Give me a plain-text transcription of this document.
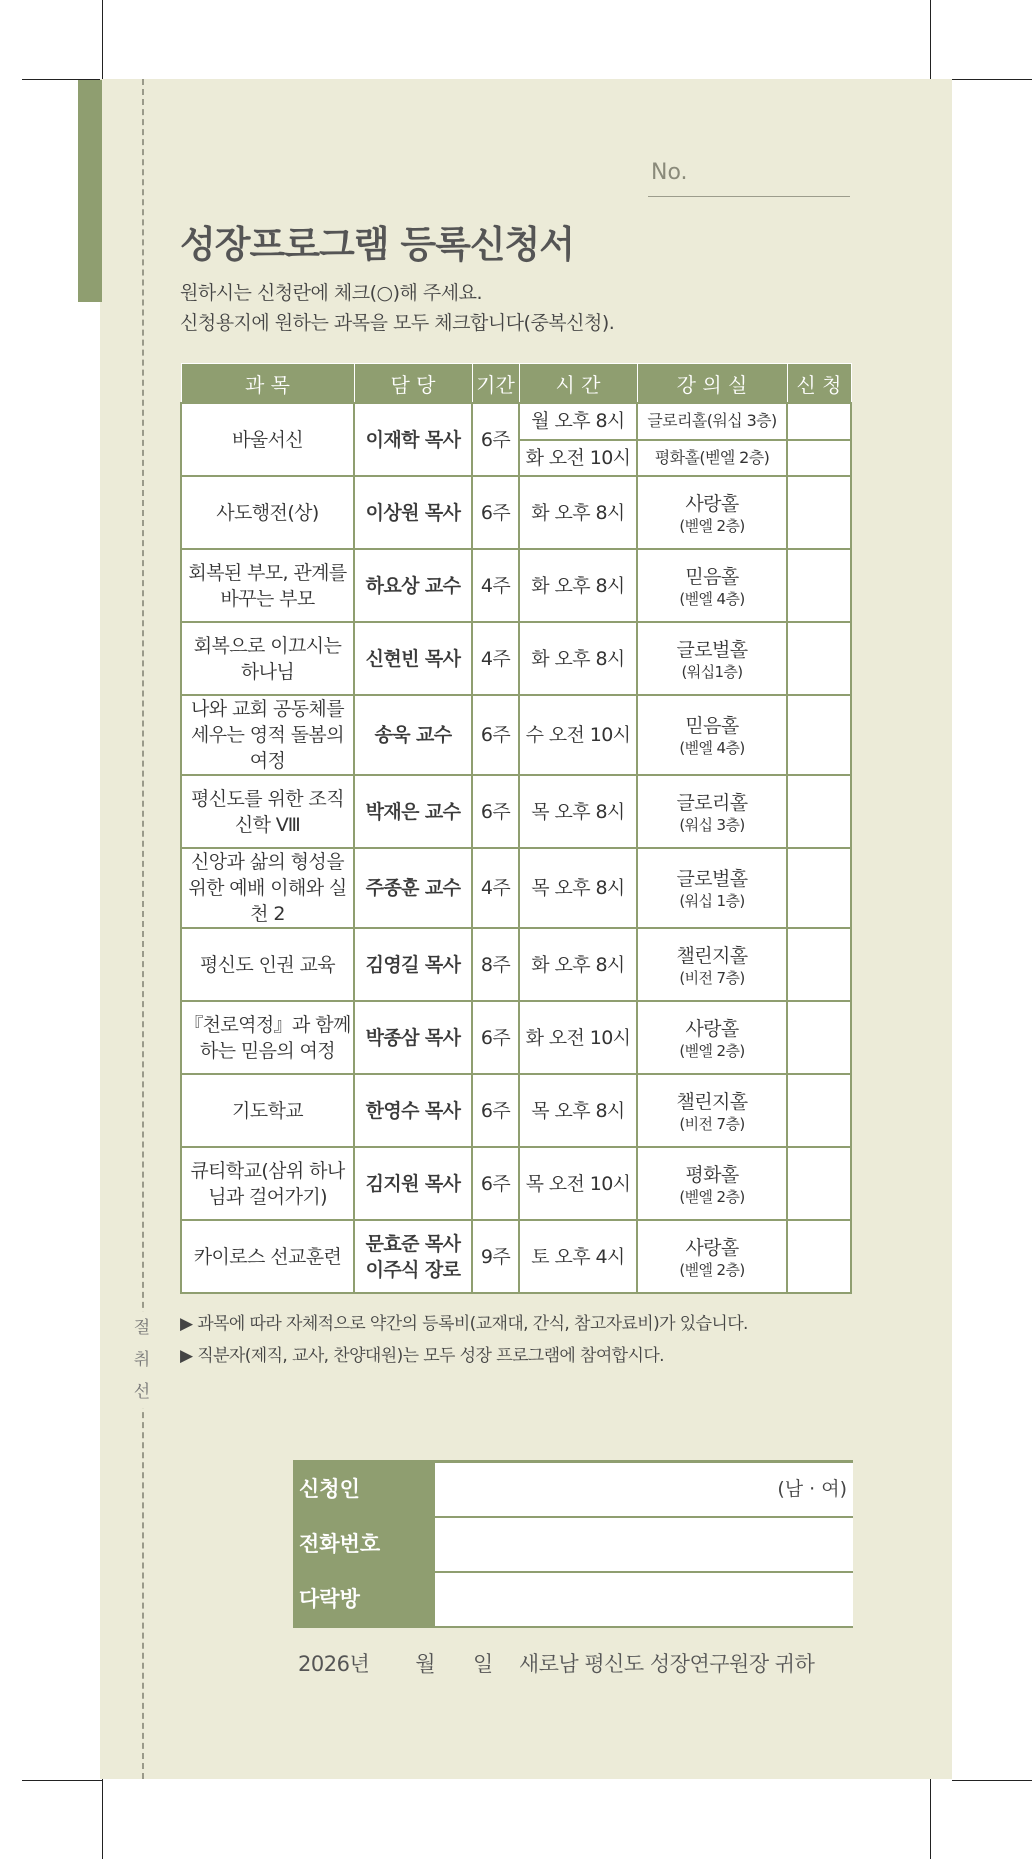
절
취
선
No.
성장프로그램 등록신청서
원하시는 신청란에 체크(○)해 주세요.
신청용지에 원하는 과목을 모두 체크합니다(중복신청).
과 목	담 당	기간	시 간	강 의 실	신 청
바울서신	이재학 목사	6주	월 오후 8시	글로리홀(워십 3층)	
			화 오전 10시	평화홀(벧엘 2층)	
사도행전(상)	이상원 목사	6주	화 오후 8시	사랑홀
(벧엘 2층)	

회복된 부모, 관계를 바꾸는 부모	하요상 교수	4주	화 오후 8시	믿음홀
(벧엘 4층)	

회복으로 이끄시는 하나님	신현빈 목사	4주	화 오후 8시	글로벌홀
(워십1층)	

나와 교회 공동체를 세우는 영적 돌봄의 여정	송욱 교수	6주	수 오전 10시	믿음홀
(벧엘 4층)	

평신도를 위한 조직신학 Ⅷ	박재은 교수	6주	목 오후 8시	글로리홀
(워십 3층)	

신앙과 삶의 형성을 위한 예배 이해와 실천 2	주종훈 교수	4주	목 오후 8시	글로벌홀
(워십 1층)	

평신도 인권 교육	김영길 목사	8주	화 오후 8시	챌린지홀
(비전 7층)	

『천로역정』과 함께 하는 믿음의 여정	박종삼 목사	6주	화 오전 10시	사랑홀
(벧엘 2층)	

기도학교	한영수 목사	6주	목 오후 8시	챌린지홀
(비전 7층)	

큐티학교(삼위 하나님과 걸어가기)	김지원 목사	6주	목 오전 10시	평화홀
(벧엘 2층)	

카이로스 선교훈련	문효준 목사 이주식 장로	9주	토 오후 4시	사랑홀
(벧엘 2층)	

▶ 과목에 따라 자체적으로 약간의 등록비(교재대, 간식, 참고자료비)가 있습니다.
▶ 직분자(제직, 교사, 찬양대원)는 모두 성장 프로그램에 참여합시다.
신청인	(남 · 여)
전화번호
다락방
2026년 월 일 새로남 평신도 성장연구원장 귀하
